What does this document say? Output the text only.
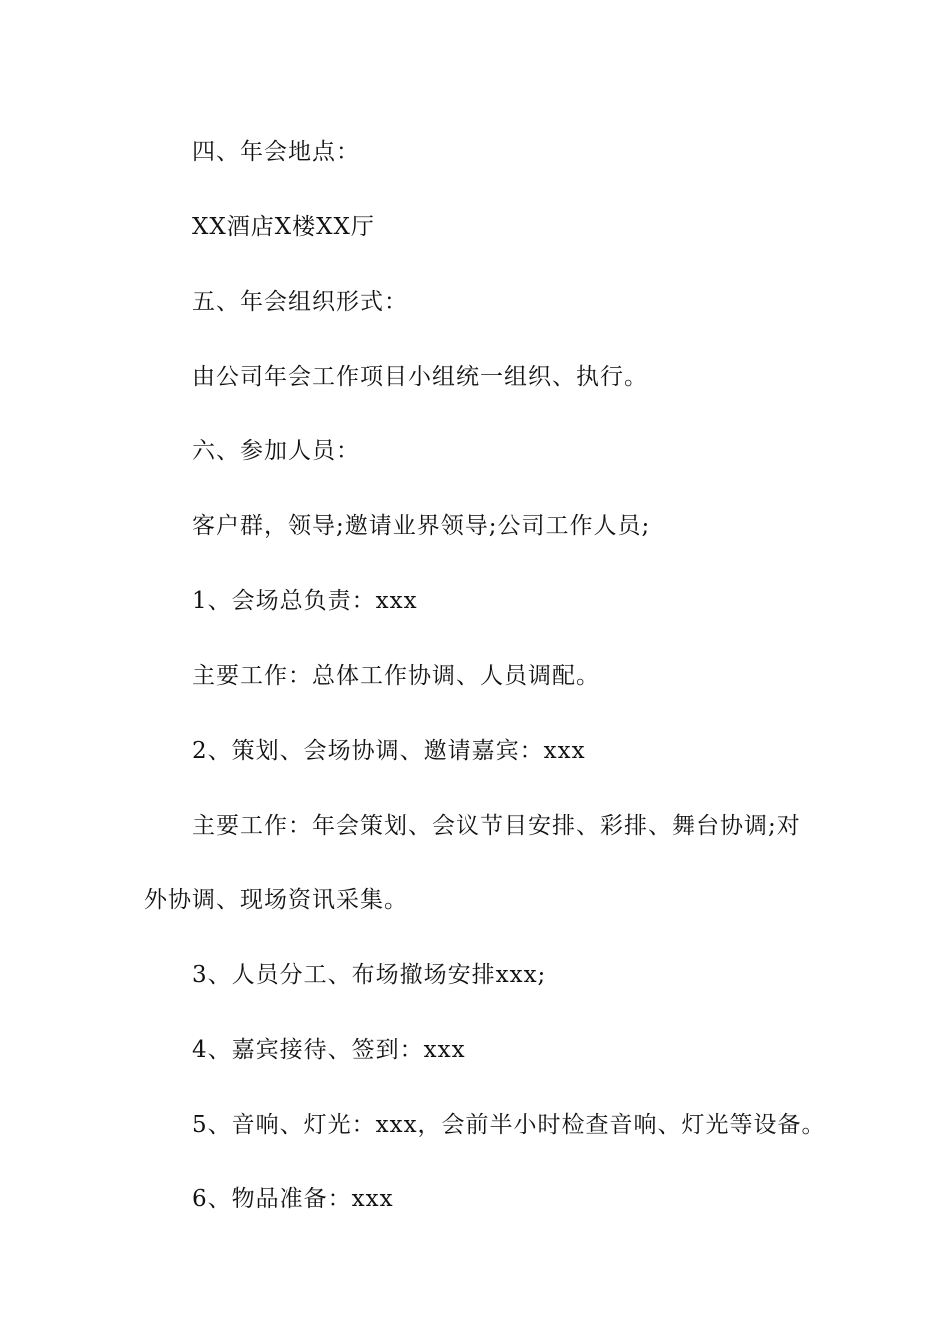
四、年会地点：

XX酒店X楼XX厅

五、年会组织形式：

由公司年会工作项目小组统一组织、执行。

六、参加人员：

客户群，领导;邀请业界领导;公司工作人员;

1、会场总负责：xxx

主要工作：总体工作协调、人员调配。

2、策划、会场协调、邀请嘉宾：xxx

主要工作：年会策划、会议节目安排、彩排、舞台协调;对

外协调、现场资讯采集。

3、人员分工、布场撤场安排xxx;

4、嘉宾接待、签到：xxx

5、音响、灯光：xxx，会前半小时检查音响、灯光等设备。

6、物品准备：xxx
